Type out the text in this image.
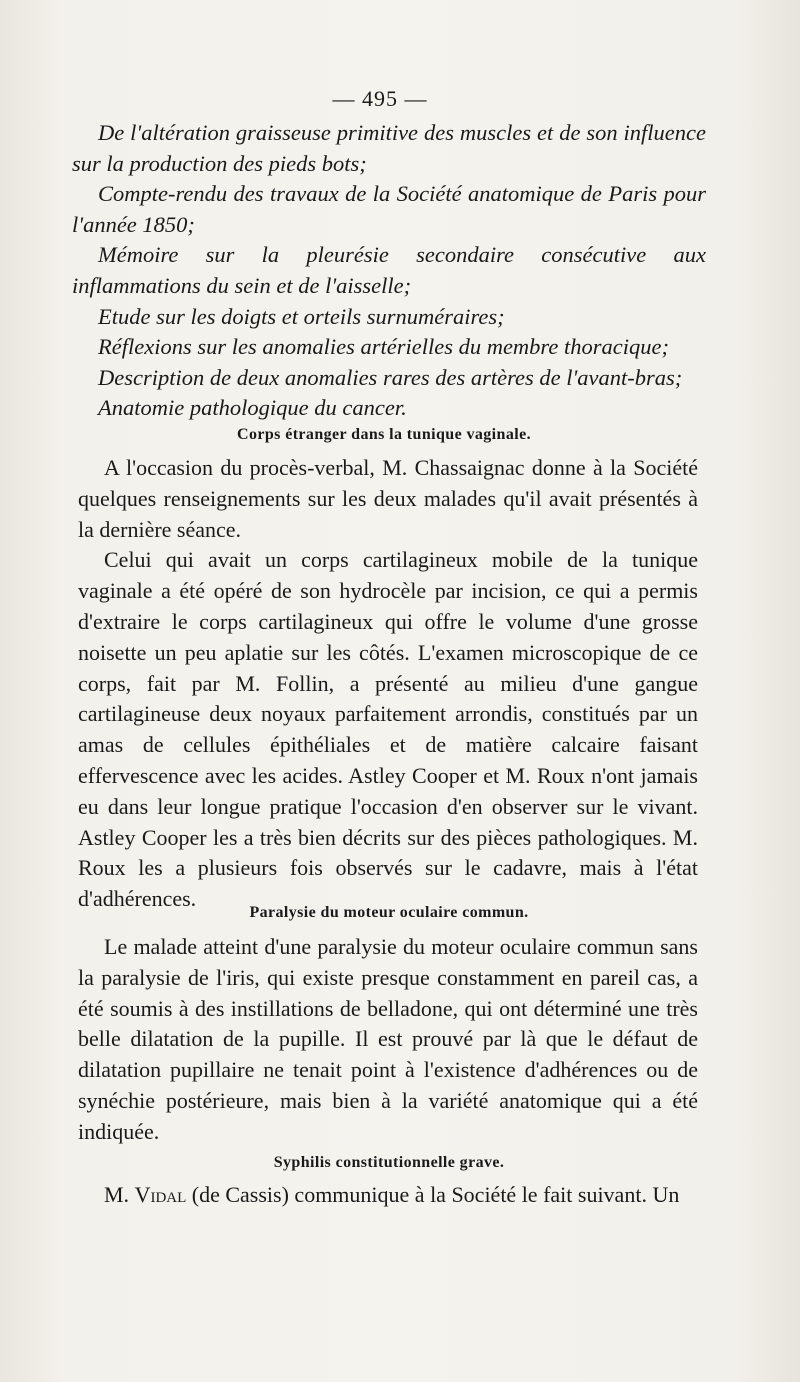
— 495 —
De l'altération graisseuse primitive des muscles et de son influence sur la production des pieds bots;
Compte-rendu des travaux de la Société anatomique de Paris pour l'année 1850;
Mémoire sur la pleurésie secondaire consécutive aux inflammations du sein et de l'aisselle;
Etude sur les doigts et orteils surnuméraires;
Réflexions sur les anomalies artérielles du membre thoracique;
Description de deux anomalies rares des artères de l'avant-bras;
Anatomie pathologique du cancer.
Corps étranger dans la tunique vaginale.

A l'occasion du procès-verbal, M. Chassaignac donne à la Société quelques renseignements sur les deux malades qu'il avait présentés à la dernière séance.

Celui qui avait un corps cartilagineux mobile de la tunique vaginale a été opéré de son hydrocèle par incision, ce qui a permis d'extraire le corps cartilagineux qui offre le volume d'une grosse noisette un peu aplatie sur les côtés. L'examen microscopique de ce corps, fait par M. Follin, a présenté au milieu d'une gangue cartilagineuse deux noyaux parfaitement arrondis, constitués par un amas de cellules épithéliales et de matière calcaire faisant effervescence avec les acides. Astley Cooper et M. Roux n'ont jamais eu dans leur longue pratique l'occasion d'en observer sur le vivant. Astley Cooper les a très bien décrits sur des pièces pathologiques. M. Roux les a plusieurs fois observés sur le cadavre, mais à l'état d'adhérences.

Paralysie du moteur oculaire commun.

Le malade atteint d'une paralysie du moteur oculaire commun sans la paralysie de l'iris, qui existe presque constamment en pareil cas, a été soumis à des instillations de belladone, qui ont déterminé une très belle dilatation de la pupille. Il est prouvé par là que le défaut de dilatation pupillaire ne tenait point à l'existence d'adhérences ou de synéchie postérieure, mais bien à la variété anatomique qui a été indiquée.

Syphilis constitutionnelle grave.

M. Vidal (de Cassis) communique à la Société le fait suivant. Un
